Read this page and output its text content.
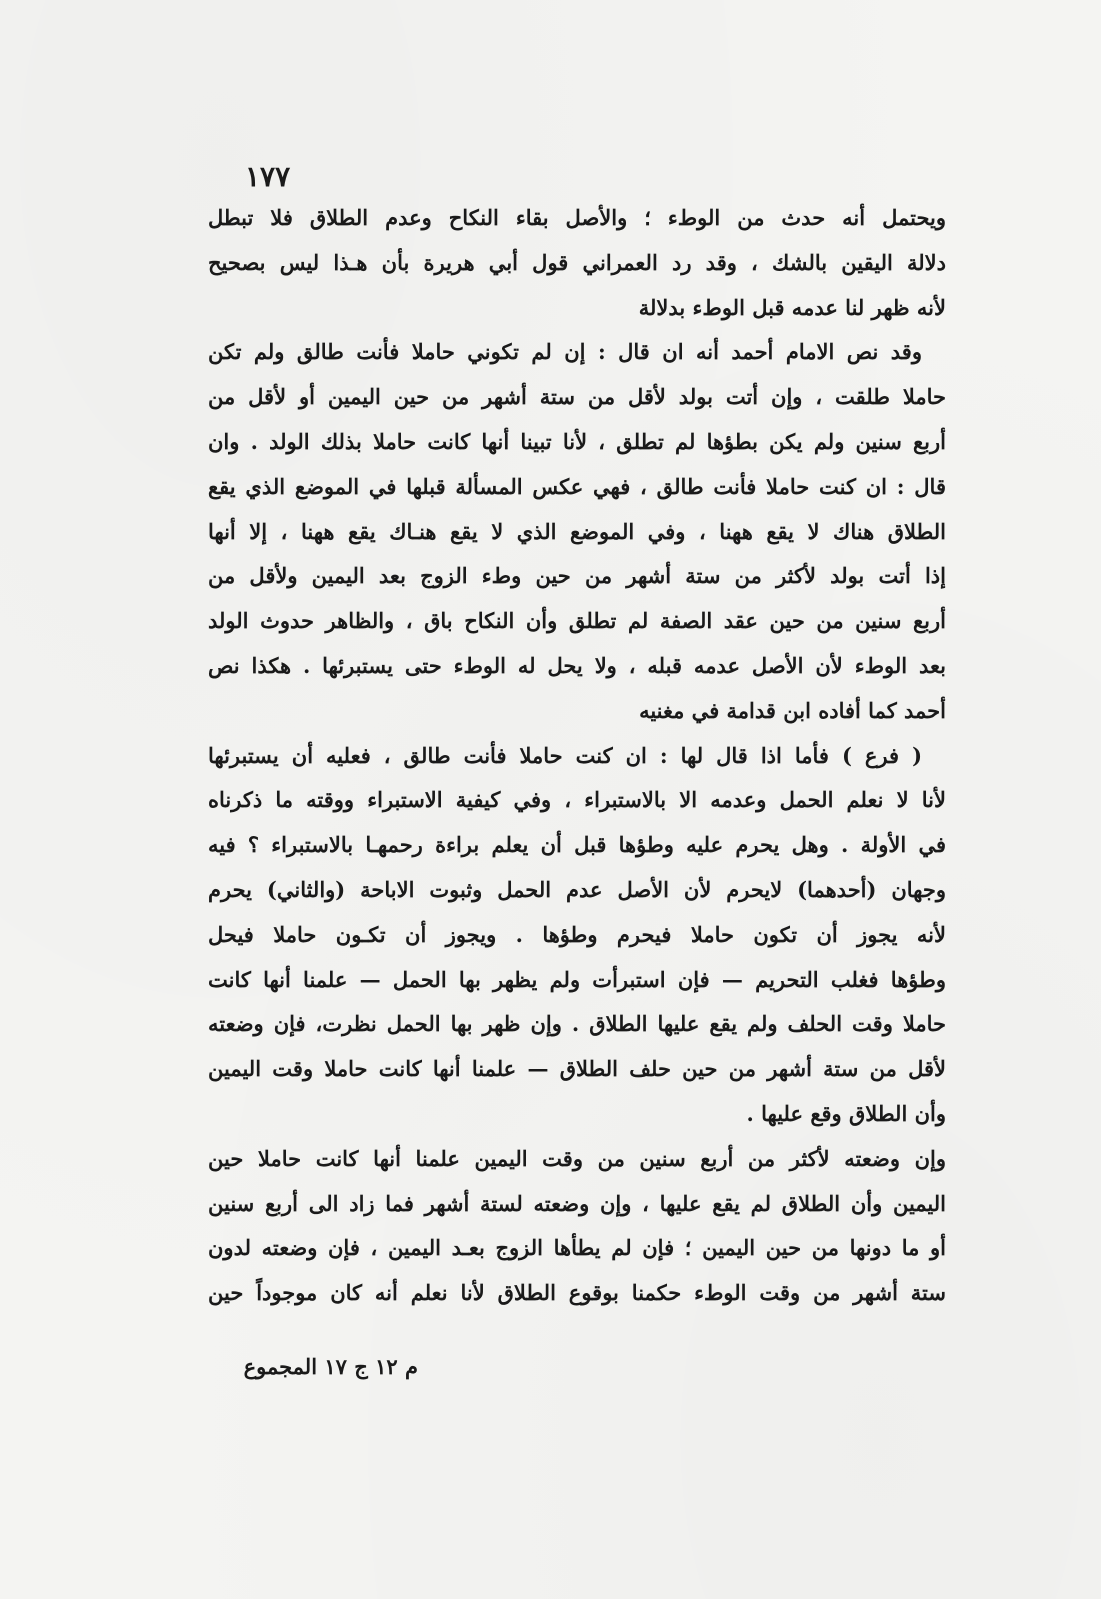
١٧٧
ويحتمل أنه حدث من الوطء ؛ والأصل بقاء النكاح وعدم الطلاق فلا تبطل
دلالة اليقين بالشك ، وقد رد العمراني قول أبي هريرة بأن هـذا ليس بصحيح
لأنه ظهر لنا عدمه قبل الوطء بدلالة
وقد نص الامام أحمد أنه ان قال : إن لم تكوني حاملا فأنت طالق ولم تكن
حاملا طلقت ، وإن أتت بولد لأقل من ستة أشهر من حين اليمين أو لأقل من
أربع سنين ولم يكن بطؤها لم تطلق ، لأنا تبينا أنها كانت حاملا بذلك الولد . وان
قال : ان كنت حاملا فأنت طالق ، فهي عكس المسألة قبلها في الموضع الذي يقع
الطلاق هناك لا يقع ههنا ، وفي الموضع الذي لا يقع هنـاك يقع ههنا ، إلا أنها
إذا أتت بولد لأكثر من ستة أشهر من حين وطء الزوج بعد اليمين ولأقل من
أربع سنين من حين عقد الصفة لم تطلق وأن النكاح باق ، والظاهر حدوث الولد
بعد الوطء لأن الأصل عدمه قبله ، ولا يحل له الوطء حتى يستبرئها . هكذا نص
أحمد كما أفاده ابن قدامة في مغنيه
( فرع ) فأما اذا قال لها : ان كنت حاملا فأنت طالق ، فعليه أن يستبرئها
لأنا لا نعلم الحمل وعدمه الا بالاستبراء ، وفي كيفية الاستبراء ووقته ما ذكرناه
في الأولة . وهل يحرم عليه وطؤها قبل أن يعلم براءة رحمهـا بالاستبراء ؟ فيه
وجهان (أحدهما) لايحرم لأن الأصل عدم الحمل وثبوت الاباحة (والثاني) يحرم
لأنه يجوز أن تكون حاملا فيحرم وطؤها . ويجوز أن تكـون حاملا فيحل
وطؤها فغلب التحريم — فإن استبرأت ولم يظهر بها الحمل — علمنا أنها كانت
حاملا وقت الحلف ولم يقع عليها الطلاق . وإن ظهر بها الحمل نظرت، فإن وضعته
لأقل من ستة أشهر من حين حلف الطلاق — علمنا أنها كانت حاملا وقت اليمين
وأن الطلاق وقع عليها .
وإن وضعته لأكثر من أربع سنين من وقت اليمين علمنا أنها كانت حاملا حين
اليمين وأن الطلاق لم يقع عليها ، وإن وضعته لستة أشهر فما زاد الى أربع سنين
أو ما دونها من حين اليمين ؛ فإن لم يطأها الزوج بعـد اليمين ، فإن وضعته لدون
ستة أشهر من وقت الوطء حكمنا بوقوع الطلاق لأنا نعلم أنه كان موجوداً حين
م ١٢ ج ١٧ المجموع
